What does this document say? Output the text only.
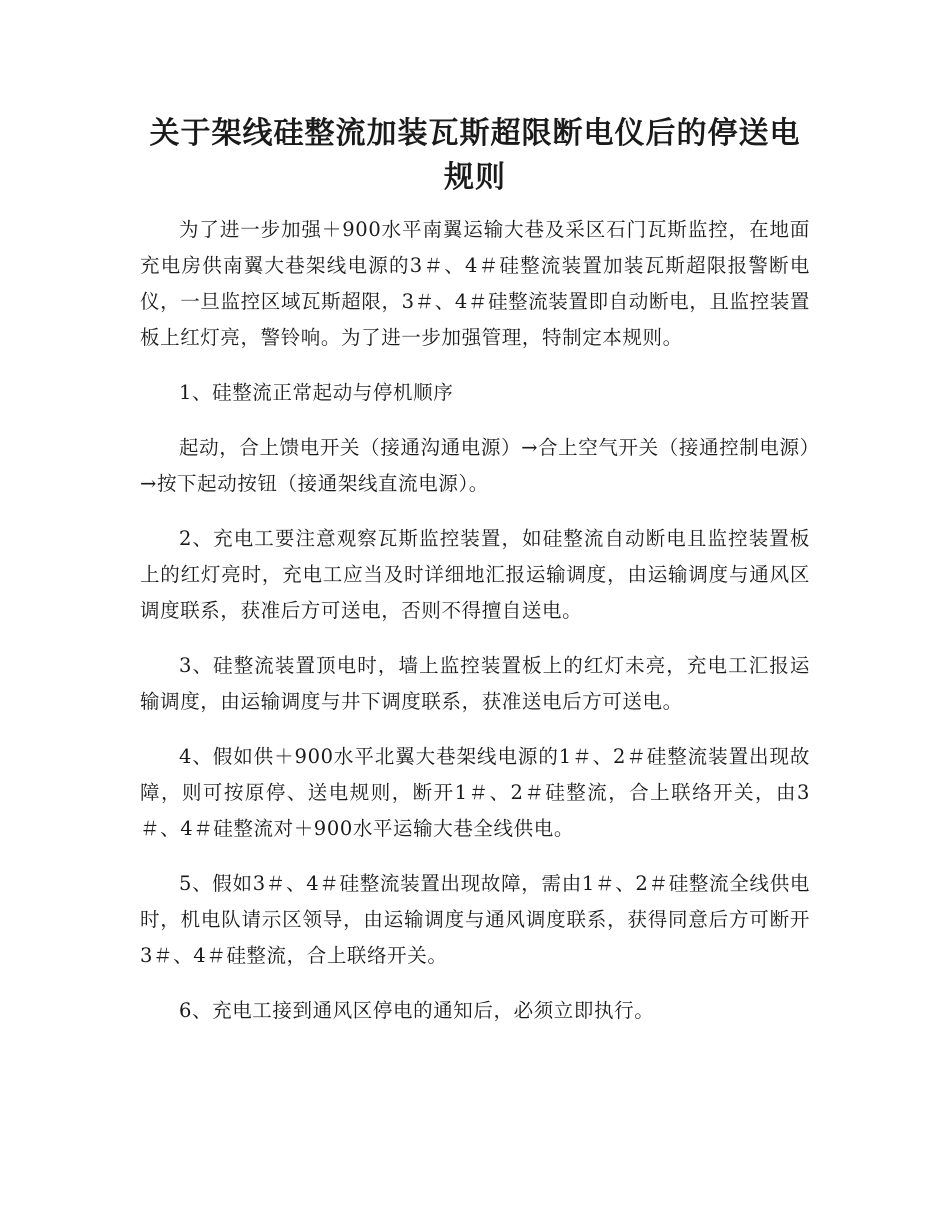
关于架线硅整流加装瓦斯超限断电仪后的停送电规则

为了进一步加强＋900水平南翼运输大巷及采区石门瓦斯监控，在地面充电房供南翼大巷架线电源的3＃、4＃硅整流装置加装瓦斯超限报警断电仪，一旦监控区域瓦斯超限，3＃、4＃硅整流装置即自动断电，且监控装置板上红灯亮，警铃响。为了进一步加强管理，特制定本规则。

1、硅整流正常起动与停机顺序

起动，合上馈电开关（接通沟通电源）→合上空气开关（接通控制电源）→按下起动按钮（接通架线直流电源）。

2、充电工要注意观察瓦斯监控装置，如硅整流自动断电且监控装置板上的红灯亮时，充电工应当及时详细地汇报运输调度，由运输调度与通风区调度联系，获准后方可送电，否则不得擅自送电。

3、硅整流装置顶电时，墙上监控装置板上的红灯未亮，充电工汇报运输调度，由运输调度与井下调度联系，获准送电后方可送电。

4、假如供＋900水平北翼大巷架线电源的1＃、2＃硅整流装置出现故障，则可按原停、送电规则，断开1＃、2＃硅整流，合上联络开关，由3＃、4＃硅整流对＋900水平运输大巷全线供电。

5、假如3＃、4＃硅整流装置出现故障，需由1＃、2＃硅整流全线供电时，机电队请示区领导，由运输调度与通风调度联系，获得同意后方可断开3＃、4＃硅整流，合上联络开关。

6、充电工接到通风区停电的通知后，必须立即执行。
